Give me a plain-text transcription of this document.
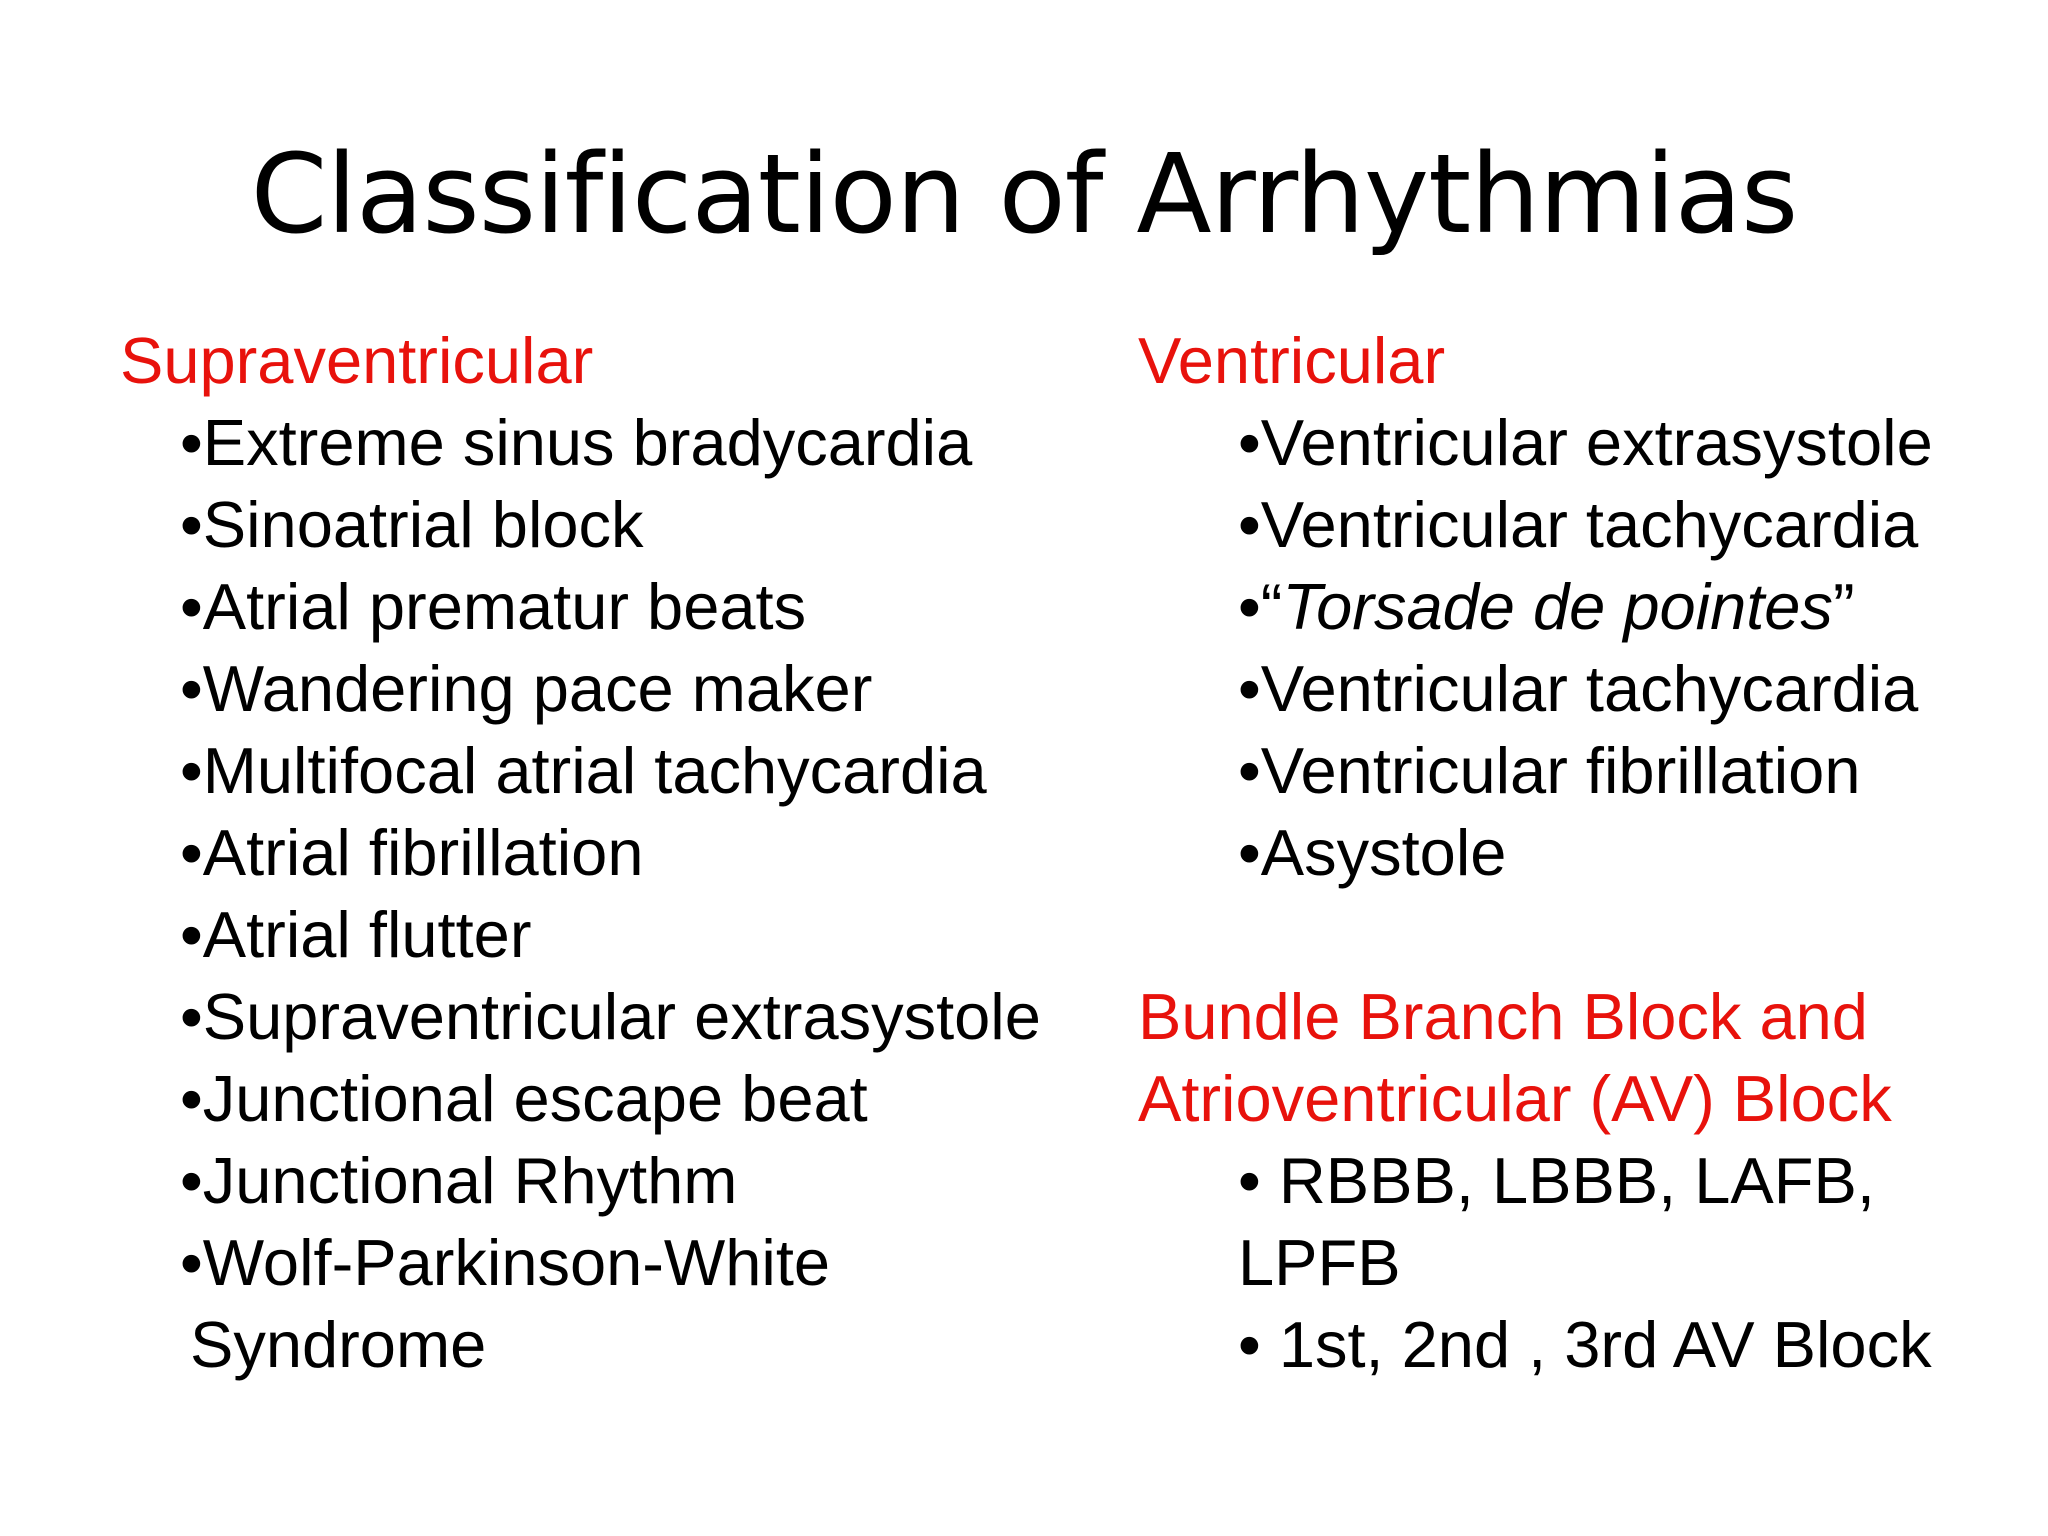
Classification of Arrhythmias
Supraventricular
•Extreme sinus bradycardia
•Sinoatrial block
•Atrial prematur beats
•Wandering pace maker
•Multifocal atrial tachycardia
•Atrial fibrillation
•Atrial flutter
•Supraventricular extrasystole
•Junctional escape beat
•Junctional Rhythm
•Wolf-Parkinson-White
Syndrome
Ventricular
•Ventricular extrasystole
•Ventricular tachycardia
•“Torsade de pointes”
•Ventricular tachycardia
•Ventricular fibrillation
•Asystole
Bundle Branch Block and
Atrioventricular (AV) Block
• RBBB, LBBB, LAFB,
LPFB
• 1st, 2nd , 3rd AV Block
